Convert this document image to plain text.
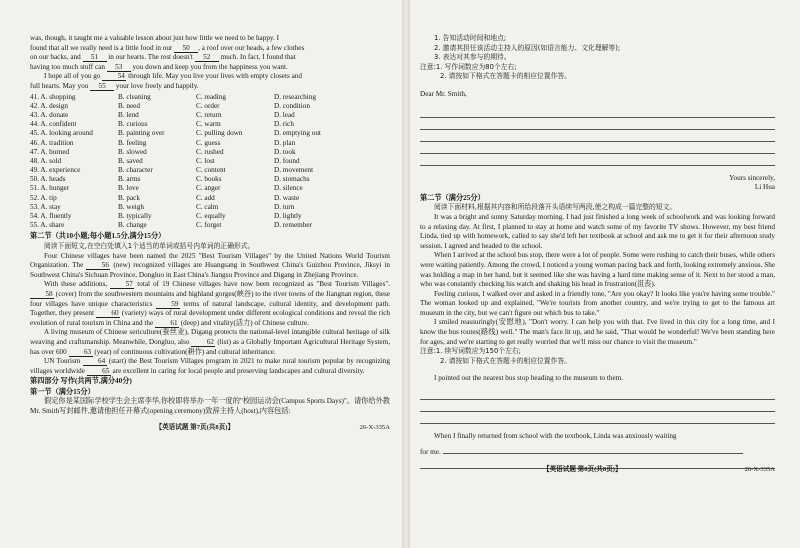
was, though, it taught me a valuable lesson about just how little we need to be happy. I

found that all we really need is a little food in our 50 , a roof over our heads, a few clothes

on our backs, and 51 in our hearts. The rest doesn't 52 much. In fact, I found that

having too much stuff can 53 you down and keep you from the happiness you want.

I hope all of you go 54 through life. May you live your lives with empty closets and

full hearts. May you 55 your love freely and happily.

41. A. shopping	B. cleaning	C. reading	D. researching
42. A. design	B. need	C. order	D. condition
43. A. donate	B. lend	C. return	D. lead
44. A. confident	B. curious	C. warm	D. rich
45. A. looking around	B. painting over	C. pulling down	D. emptying out
46. A. tradition	B. feeling	C. guess	D. plan
47. A. burned	B. slowed	C. rushed	D. took
48. A. sold	B. saved	C. lost	D. found
49. A. experience	B. character	C. content	D. movement
50. A. heads	B. arms	C. books	D. stomachs
51. A. hunger	B. love	C. anger	D. silence
52. A. tip	B. pack	C. add	D. waste
53. A. stay	B. weigh	C. calm	D. turn
54. A. fluently	B. typically	C. equally	D. lightly
55. A. share	B. change	C. forget	D. remember

第二节（共10小题;每小题1.5分,满分15分）

阅读下面短文,在空白处填入1个适当的单词或括号内单词的正确形式。

Four Chinese villages have been named the 2025 "Best Tourism Villages" by the United Nations World Tourism Organization. The 56 (new) recognized villages are Huangsang in Southwest China's Guizhou Province, Jiksyi in Southwest China's Sichuan Province, Dongluo in East China's Jiangsu Province and Digang in Zhejiang Province.

With these additions, 57 total of 19 Chinese villages have now been recognized as "Best Tourism Villages". 58 (cover) from the southwestern mountains and highland gorges(峡谷) to the river towns of the Jiangnan region, these four villages have unique characteristics 59 terms of natural landscape, cultural identity, and development path. Together, they present 60 (variety) ways of rural development under different ecological conditions and reveal the rich evolution of rural tourism in China and the 61 (deep) and vitality(活力) of Chinese culture.

A living museum of Chinese sericulture(蚕丝业), Digang protects the national-level intangible cultural heritage of silk weaving and craftsmanship. Meanwhile, Dongluo, also 62 (list) as a Globally Important Agricultural Heritage System, has over 600 63 (year) of continuous cultivation(耕作) and cultural inheritance.

UN Tourism 64 (start) the Best Tourism Villages program in 2021 to make rural tourism popular by recognizing villages worldwide 65 are excellent in caring for local people and preserving landscapes and cultural diversity.

第四部分 写作(共两节,满分40分)

第一节（满分15分）

假定你是某国际学校学生会主席李华,你校即将举办一年一度的"校园运动会(Campus Sports Days)"。请你给外教Mr. Smith写封邮件,邀请他担任开幕式(opening ceremony)致辞主持人(host),内容包括:

【英语试题 第7页(共8页)】	26-X-335A

1. 告知活动时间和地点;

2. 邀请其担任该活动主持人的原因(如语言能力、文化理解等);

3. 表达对其参与的期待。

注意:1. 写作词数应为80个左右;

2. 请按如下格式在答题卡的相应位置作答。

Dear Mr. Smith,

Yours sincerely,

Li Hua

第二节（满分25分）

阅读下面材料,根据其内容和所给段落开头语续写两段,使之构成一篇完整的短文。

It was a bright and sunny Saturday morning. I had just finished a long week of schoolwork and was looking forward to a relaxing day. At first, I planned to stay at home and watch some of my favorite TV shows. However, my best friend Linda, tied up with homework, called to say she'd left her textbook at school and ask me to get it for their afternoon study session. I agreed and headed to the school.

When I arrived at the school bus stop, there were a lot of people. Some were rushing to catch their buses, while others were waiting patiently. Among the crowd, I noticed a young woman pacing back and forth, looking extremely anxious. She was holding a map in her hand, but it seemed like she was having a hard time making sense of it. Next to her stood a man, who was constantly checking his watch and shaking his head in frustration(沮丧).

Feeling curious, I walked over and asked in a friendly tone, "Are you okay? It looks like you're having some trouble." The woman looked up and explained, "We're tourists from another country, and we're trying to get to the famous art museum in the city, but we can't figure out which bus to take."

I smiled reassuringly(安慰地), "Don't worry. I can help you with that. I've lived in this city for a long time, and I know the bus routes(路线) well." The man's face lit up, and he said, "That would be wonderful! We've been standing here for ages, and we're starting to get really worried that we'll miss our chance to visit the museum."

注意:1. 续写词数应为150个左右;

2. 请按如下格式在答题卡的相应位置作答。

I pointed out the nearest bus stop heading to the museum to them.

When I finally returned from school with the textbook, Linda was anxiously waiting

for me.

【英语试题 第8页(共8页)】	26-X-335A
